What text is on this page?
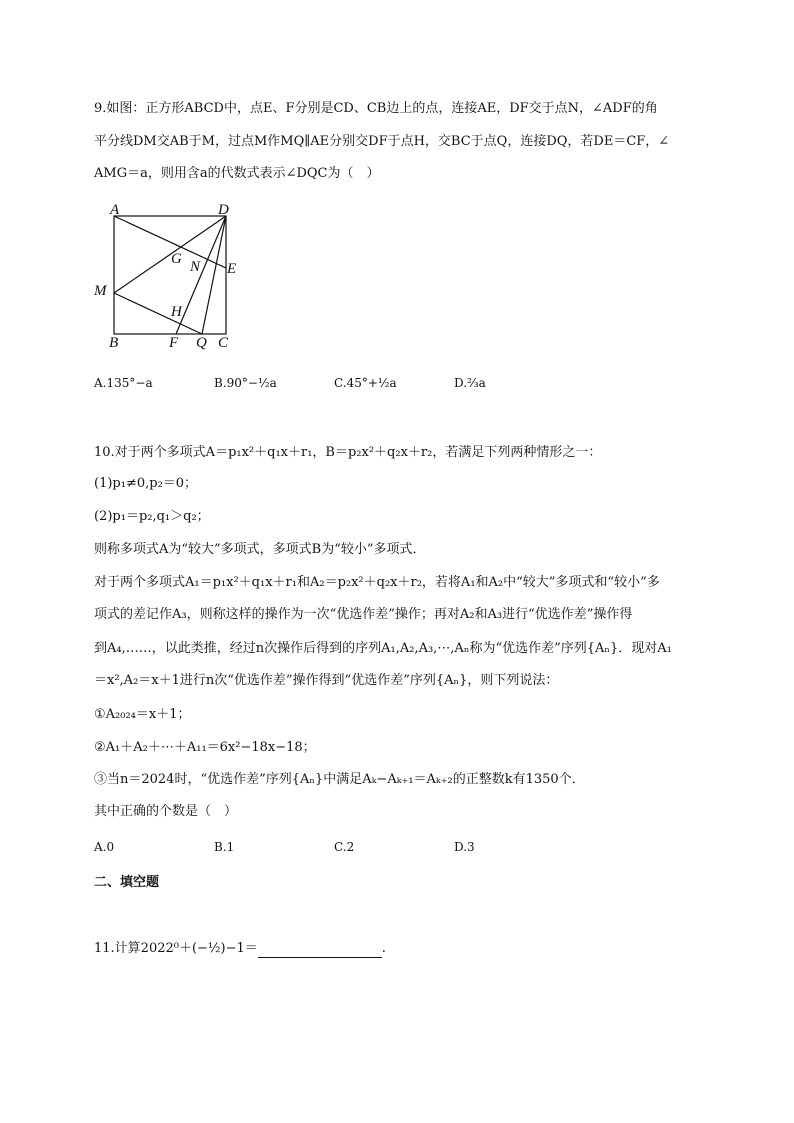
9.如图：正方形ABCD中，点E、F分别是CD、CB边上的点，连接AE，DF交于点N，∠ADF的角
平分线DM交AB于M，过点M作MQ∥AE分别交DF于点H，交BC于点Q，连接DQ，若DE＝CF，∠
AMG＝a，则用含a的代数式表示∠DQC为（　）
A	D
G N E
M
H
B	F Q C
A.135°−a	B.90°−½a	C.45°+½a	D.⅔a
10.对于两个多项式A＝p₁x²＋q₁x＋r₁，B＝p₂x²＋q₂x＋r₂，若满足下列两种情形之一：
(1)p₁≠0,p₂＝0；
(2)p₁＝p₂,q₁＞q₂；
则称多项式A为“较大”多项式，多项式B为“较小”多项式．
对于两个多项式A₁＝p₁x²＋q₁x＋r₁和A₂＝p₂x²＋q₂x＋r₂，若将A₁和A₂中“较大”多项式和“较小”多
项式的差记作A₃，则称这样的操作为一次“优选作差”操作；再对A₂和A₃进行“优选作差”操作得
到A₄,……，以此类推，经过n次操作后得到的序列A₁,A₂,A₃,⋯,Aₙ称为“优选作差”序列{Aₙ}．现对A₁
＝x²,A₂＝x＋1进行n次“优选作差”操作得到“优选作差”序列{Aₙ}，则下列说法：
①A₂₀₂₄＝x＋1；
②A₁＋A₂＋⋯＋A₁₁＝6x²−18x−18；
③当n＝2024时，“优选作差”序列{Aₙ}中满足Aₖ−Aₖ₊₁＝Aₖ₊₂的正整数k有1350个．
其中正确的个数是（　）
A.0	B.1	C.2	D.3
二、填空题
11.计算2022⁰＋(−½)−1＝	.
